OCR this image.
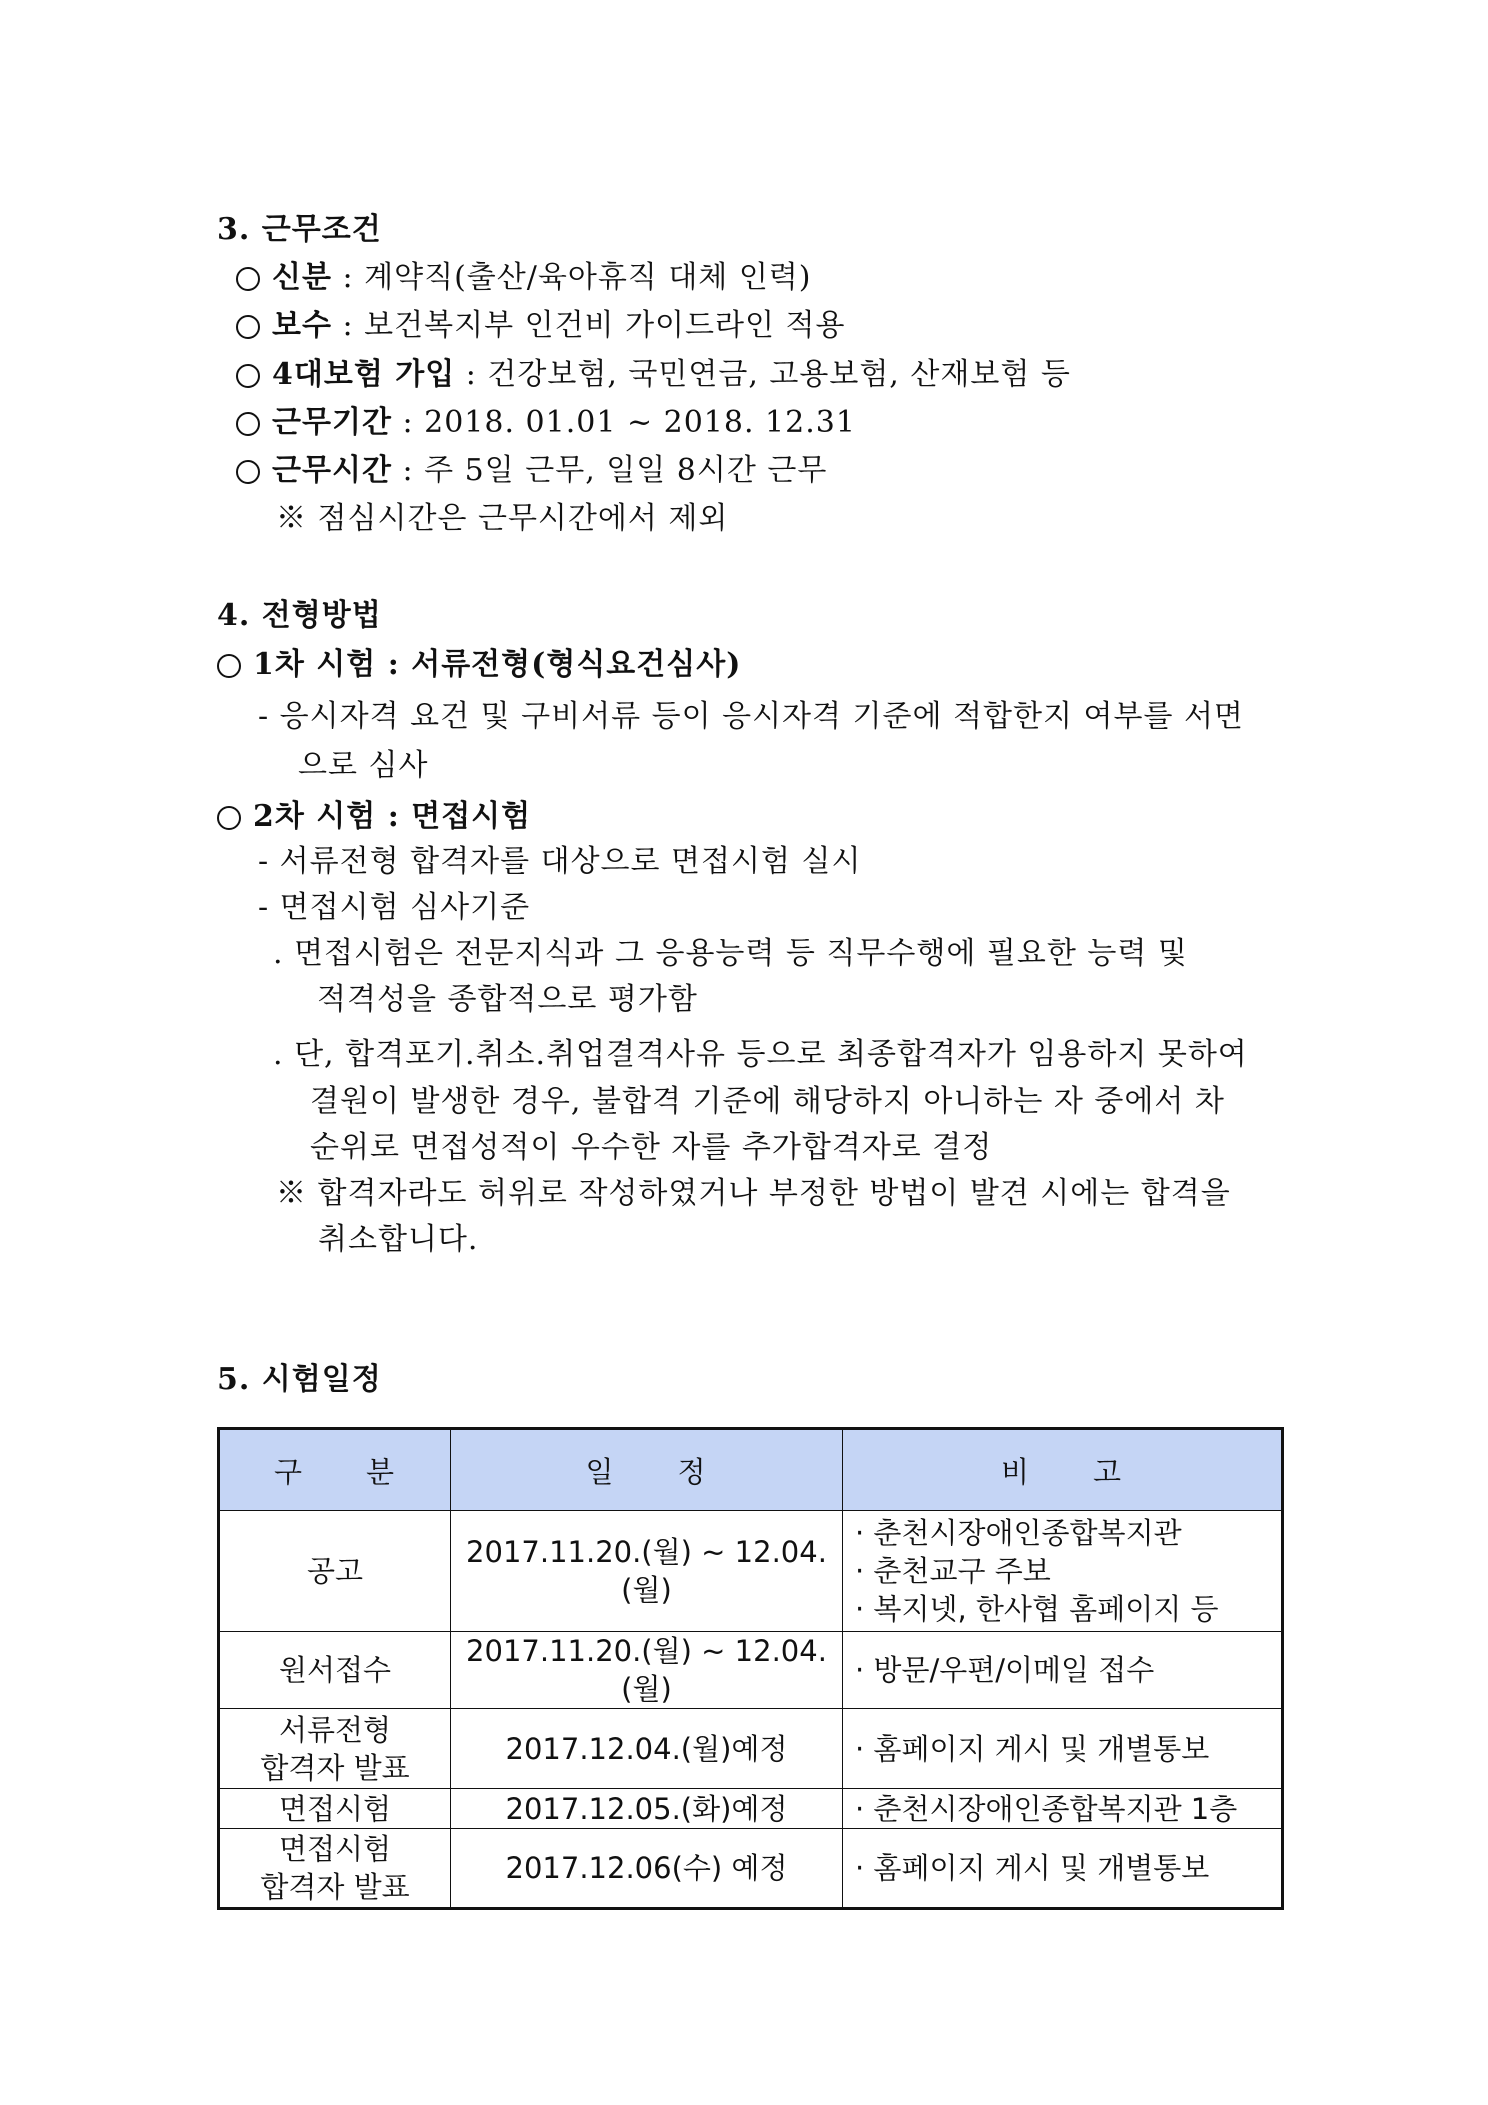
3. 근무조건
신분 : 계약직(출산/육아휴직 대체 인력)
보수 : 보건복지부 인건비 가이드라인 적용
4대보험 가입 : 건강보험, 국민연금, 고용보험, 산재보험 등
근무기간 : 2018. 01.01 ~ 2018. 12.31
근무시간 : 주 5일 근무, 일일 8시간 근무
※ 점심시간은 근무시간에서 제외
4. 전형방법
1차 시험 : 서류전형(형식요건심사)
- 응시자격 요건 및 구비서류 등이 응시자격 기준에 적합한지 여부를 서면
으로 심사
2차 시험 : 면접시험
- 서류전형 합격자를 대상으로 면접시험 실시
- 면접시험 심사기준
. 면접시험은 전문지식과 그 응용능력 등 직무수행에 필요한 능력 및
적격성을 종합적으로 평가함
. 단, 합격포기.취소.취업결격사유 등으로 최종합격자가 임용하지 못하여
결원이 발생한 경우, 불합격 기준에 해당하지 아니하는 자 중에서 차
순위로 면접성적이 우수한 자를 추가합격자로 결정
※ 합격자라도 허위로 작성하였거나 부정한 방법이 발견 시에는 합격을
취소합니다.
5. 시험일정
구　　분	일　　정	비　　고
공고	2017.11.20.(월) ~ 12.04.(월)	· 춘천시장애인종합복지관
· 춘천교구 주보
· 복지넷, 한사협 홈페이지 등

원서접수	2017.11.20.(월) ~ 12.04.(월)	· 방문/우편/이메일 접수

서류전형
합격자 발표	2017.12.04.(월)예정	· 홈페이지 게시 및 개별통보

면접시험	2017.12.05.(화)예정	· 춘천시장애인종합복지관 1층

면접시험
합격자 발표	2017.12.06(수) 예정	· 홈페이지 게시 및 개별통보
